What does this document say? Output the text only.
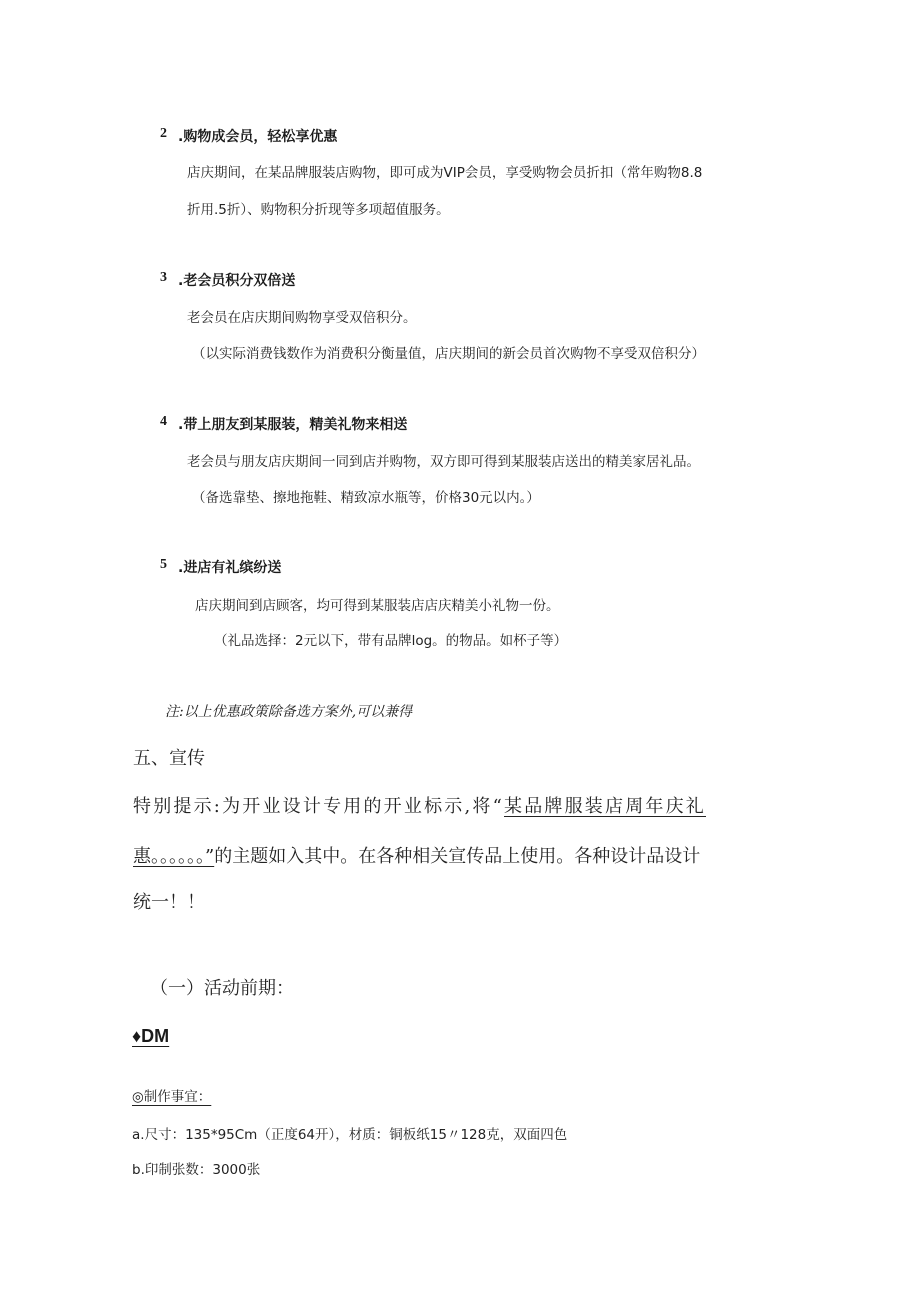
2 .购物成会员，轻松享优惠
店庆期间，在某品牌服装店购物，即可成为VIP会员，享受购物会员折扣（常年购物8.8
折用.5折）、购物积分折现等多项超值服务。
3 .老会员积分双倍送
老会员在店庆期间购物享受双倍积分。
（以实际消费钱数作为消费积分衡量值，店庆期间的新会员首次购物不享受双倍积分）
4 .带上朋友到某服装，精美礼物来相送
老会员与朋友店庆期间一同到店并购物，双方即可得到某服装店送出的精美家居礼品。
（备选靠垫、擦地拖鞋、精致凉水瓶等，价格30元以内。）
5 .进店有礼缤纷送
店庆期间到店顾客，均可得到某服装店店庆精美小礼物一份。
（礼品选择：2元以下，带有品牌log。的物品。如杯子等）
注:以上优惠政策除备选方案外,可以兼得
五、宣传
特别提示:为开业设计专用的开业标示,将“某品牌服装店周年庆礼
惠。。。。。。”的主题如入其中。在各种相关宣传品上使用。各种设计品设计
统一！！
（一）活动前期：
♦DM
◎制作事宜：
a.尺寸：135*95Cm（正度64开），材质：铜板纸15〃128克，双面四色
b.印制张数：3000张
